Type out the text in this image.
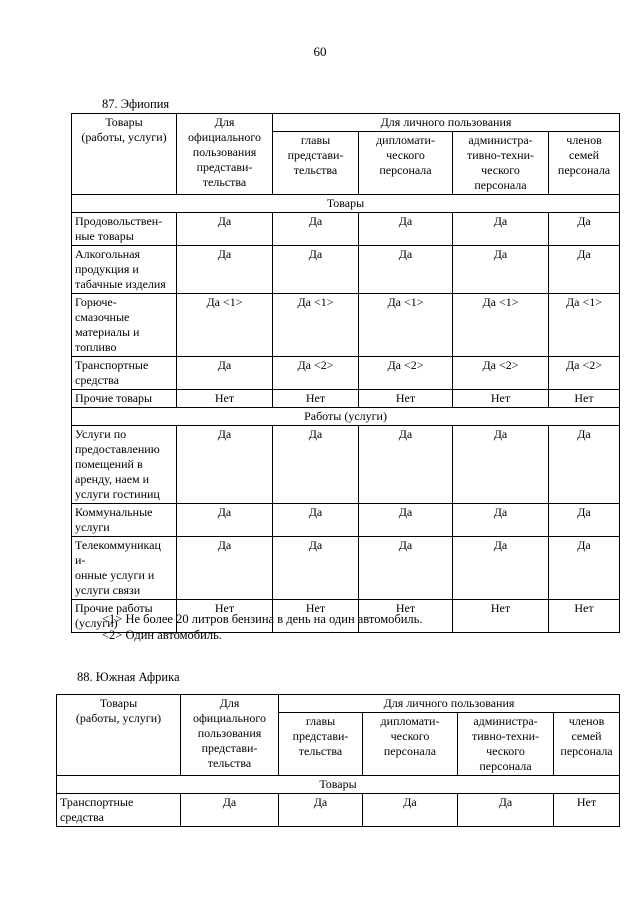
60
87. Эфиопия
Товары
(работы, услуги)	Для
официального
пользования
представи-
тельства	Для личного пользования			
		главы
представи-
тельства	дипломати-
ческого
персонала	администра-
тивно-техни-
ческого
персонала	членов
семей
персонала
Товары					
Продовольствен-
ные товары	Да	Да	Да	Да	Да
Алкогольная
продукция и
табачные изделия	Да	Да	Да	Да	Да
Горюче-
смазочные
материалы и
топливо	Да <1>	Да <1>	Да <1>	Да <1>	Да <1>
Транспортные
средства	Да	Да <2>	Да <2>	Да <2>	Да <2>
Прочие товары	Нет	Нет	Нет	Нет	Нет
Работы (услуги)					
Услуги по
предоставлению
помещений в
аренду, наем и
услуги гостиниц	Да	Да	Да	Да	Да
Коммунальные
услуги	Да	Да	Да	Да	Да
Телекоммуникац
и-
онные услуги и
услуги связи	Да	Да	Да	Да	Да
Прочие работы
(услуги)	Нет	Нет	Нет	Нет	Нет
<1> Не более 20 литров бензина в день на один автомобиль.
<2> Один автомобиль.
88. Южная Африка
Товары
(работы, услуги)	Для
официального
пользования
представи-
тельства	Для личного пользования			
		главы
представи-
тельства	дипломати-
ческого
персонала	администра-
тивно-техни-
ческого
персонала	членов
семей
персонала
Товары					
Транспортные
средства	Да	Да	Да	Да	Нет
